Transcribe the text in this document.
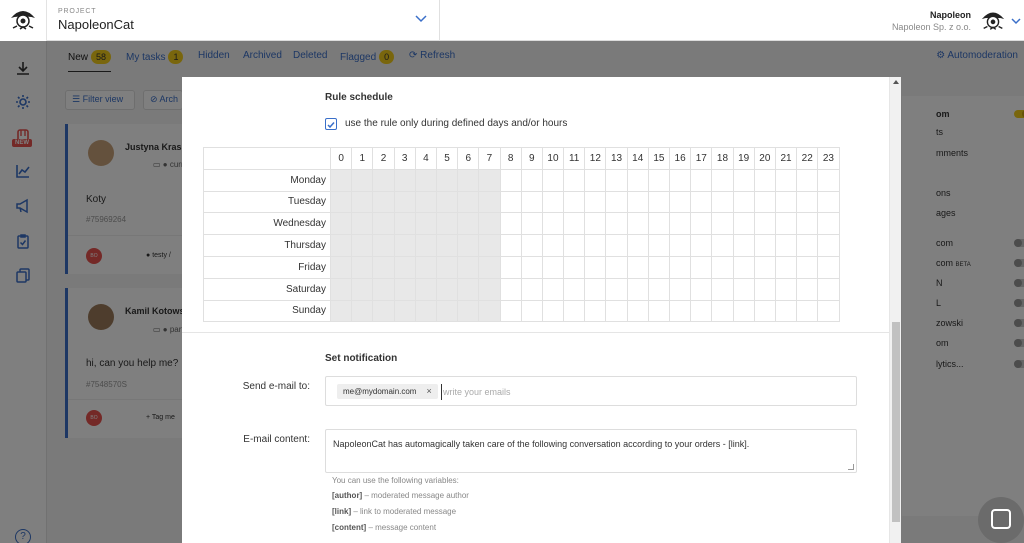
PROJECT
NapoleonCat
Napoleon
Napoleon Sp. z o.o.
Rule schedule
use the rule only during defined days and/or hours
	0	1	2	3	4	5	6	7	8	9	10	11	12	13	14	15	16	17	18	19	20	21	22	23
Monday																								
Tuesday																								
Wednesday																								
Thursday																								
Friday																								
Saturday																								
Sunday																								
Set notification
Send e-mail to:	me@mydomain.com ×
write your emails
E-mail content:	NapoleonCat has automagically taken care of the following conversation according to your orders - [link].
You can use the following variables:
[author] – moderated message author
[link] – link to moderated message
[content] – message content
